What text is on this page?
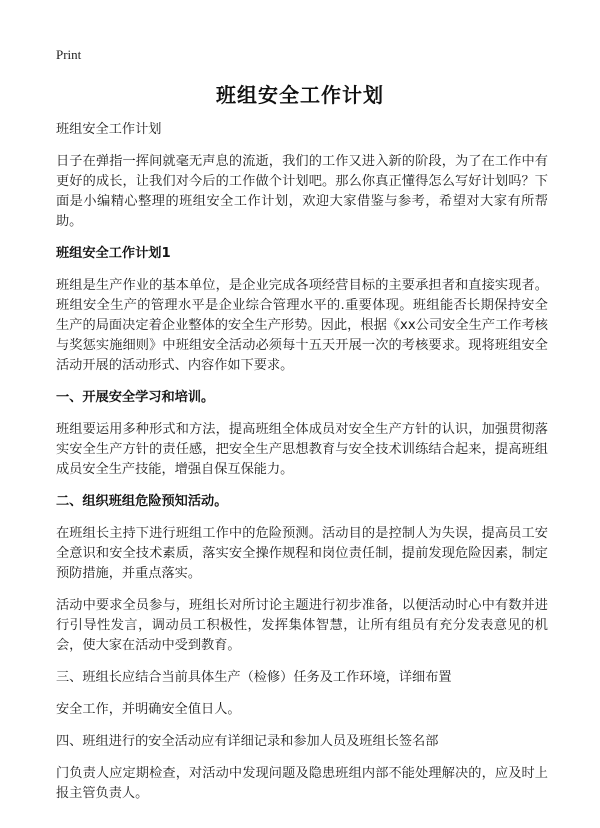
Print
班组安全工作计划

班组安全工作计划

日子在弹指一挥间就毫无声息的流逝，我们的工作又进入新的阶段，为了在工作中有更好的成长，让我们对今后的工作做个计划吧。那么你真正懂得怎么写好计划吗？下面是小编精心整理的班组安全工作计划，欢迎大家借鉴与参考，希望对大家有所帮助。

班组安全工作计划1

班组是生产作业的基本单位，是企业完成各项经营目标的主要承担者和直接实现者。班组安全生产的管理水平是企业综合管理水平的.重要体现。班组能否长期保持安全生产的局面决定着企业整体的安全生产形势。因此，根据《xx公司安全生产工作考核与奖惩实施细则》中班组安全活动必须每十五天开展一次的考核要求。现将班组安全活动开展的活动形式、内容作如下要求。

一、开展安全学习和培训。

班组要运用多种形式和方法，提高班组全体成员对安全生产方针的认识，加强贯彻落实安全生产方针的责任感，把安全生产思想教育与安全技术训练结合起来，提高班组成员安全生产技能，增强自保互保能力。

二、组织班组危险预知活动。

在班组长主持下进行班组工作中的危险预测。活动目的是控制人为失误，提高员工安全意识和安全技术素质，落实安全操作规程和岗位责任制，提前发现危险因素，制定预防措施，并重点落实。

活动中要求全员参与，班组长对所讨论主题进行初步准备，以便活动时心中有数并进行引导性发言，调动员工积极性，发挥集体智慧，让所有组员有充分发表意见的机会，使大家在活动中受到教育。

三、班组长应结合当前具体生产（检修）任务及工作环境，详细布置

安全工作，并明确安全值日人。

四、班组进行的安全活动应有详细记录和参加人员及班组长签名部

门负责人应定期检查，对活动中发现问题及隐患班组内部不能处理解决的，应及时上报主管负责人。
